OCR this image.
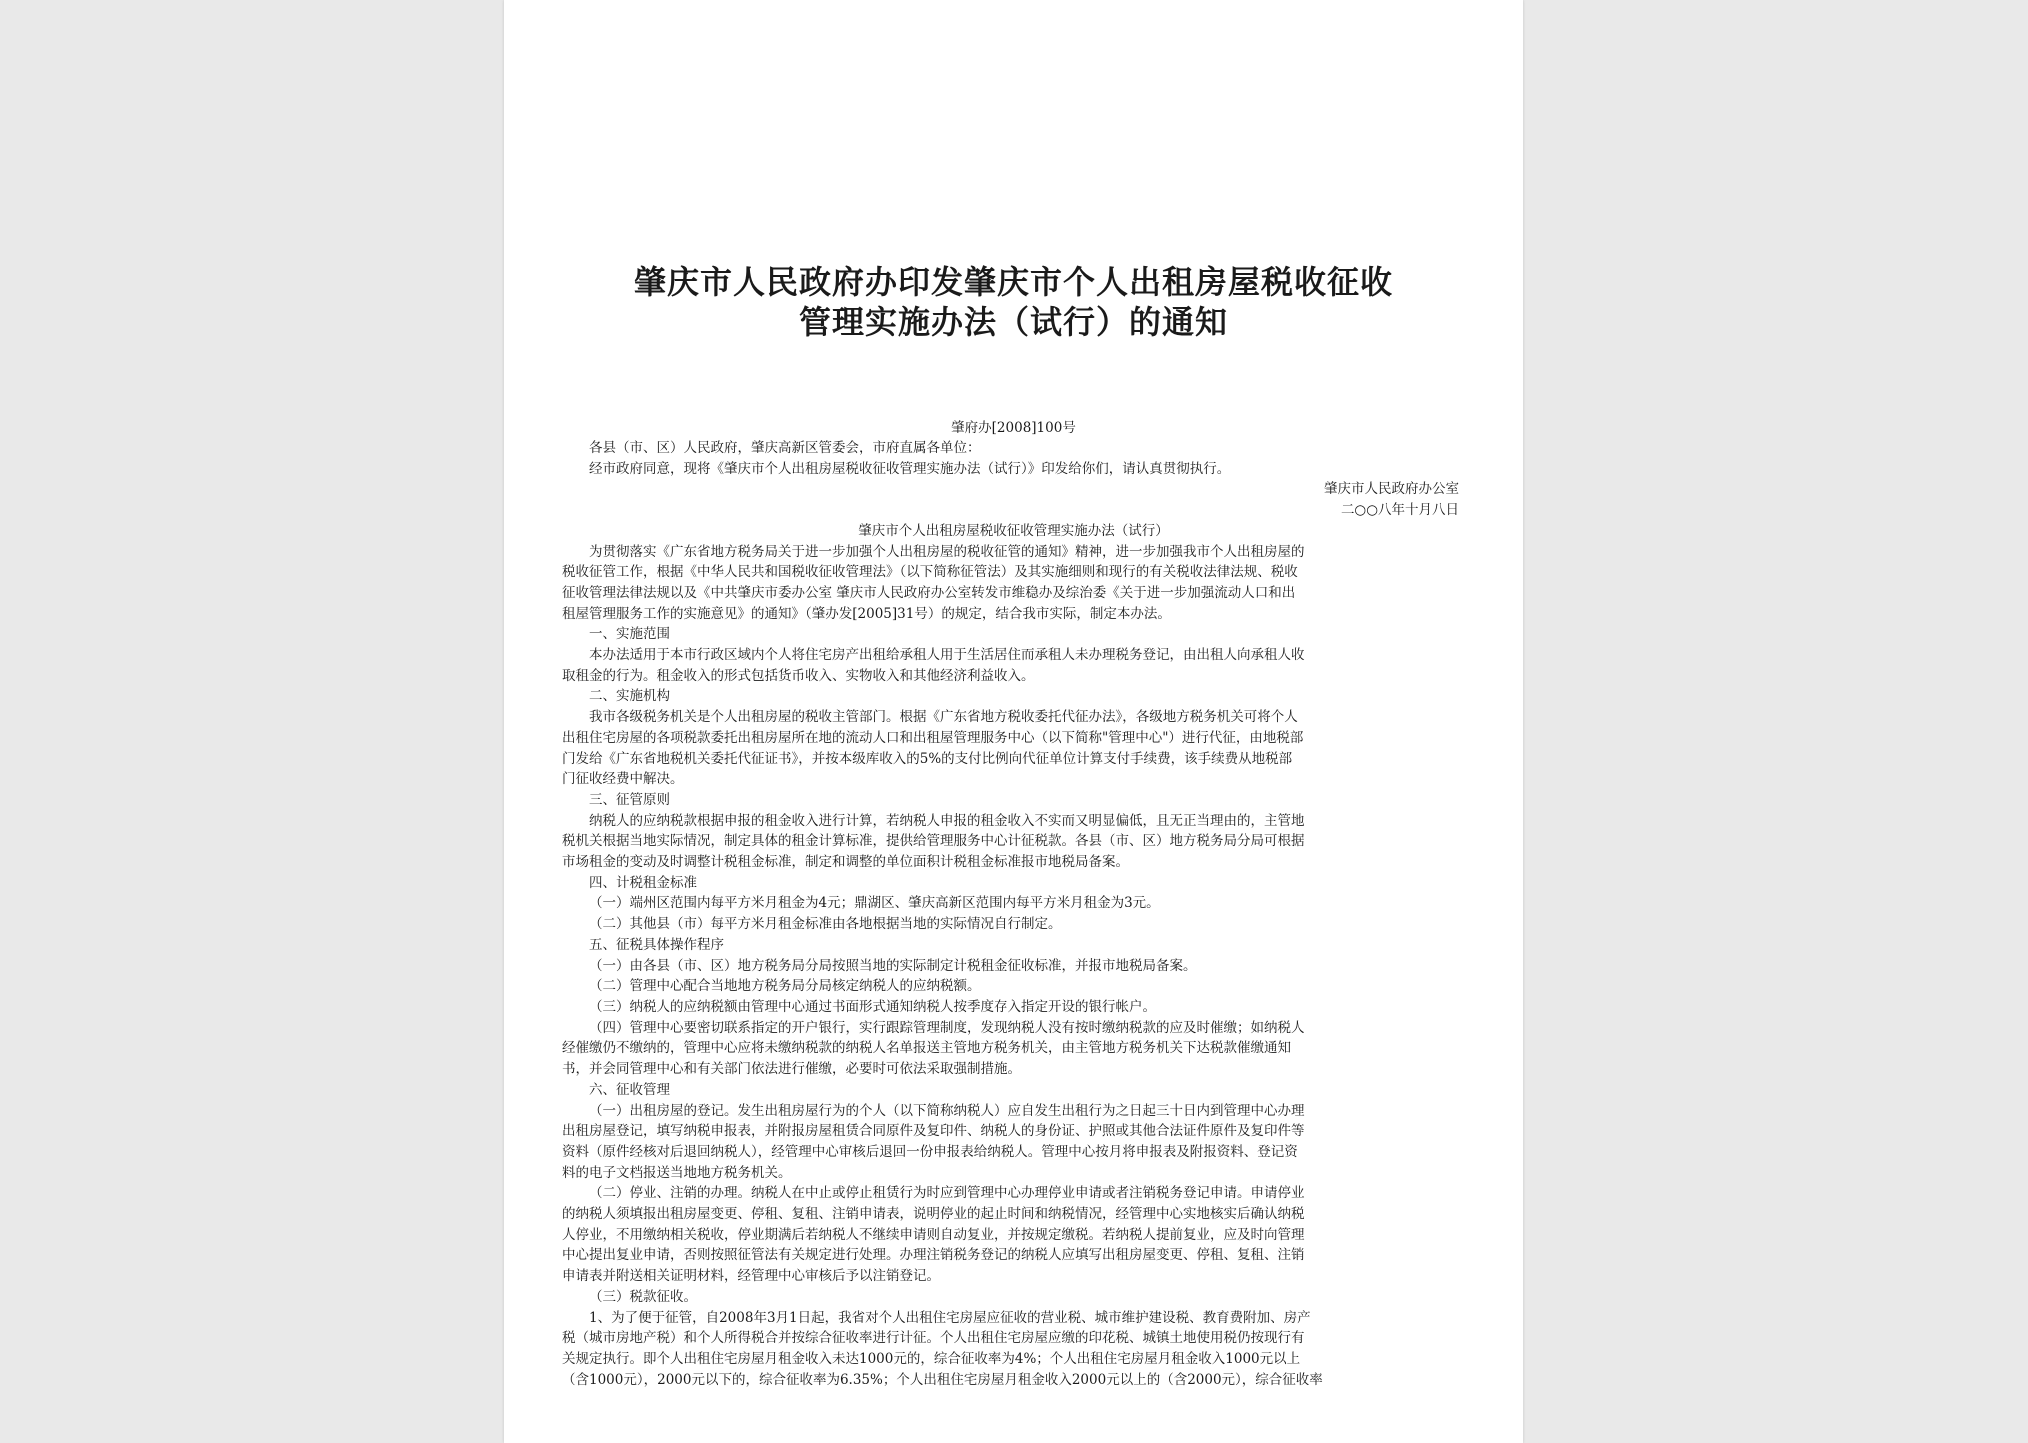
肇庆市人民政府办印发肇庆市个人出租房屋税收征收
管理实施办法（试行）的通知
肇府办[2008]100号
各县（市、区）人民政府，肇庆高新区管委会，市府直属各单位：
经市政府同意，现将《肇庆市个人出租房屋税收征收管理实施办法（试行）》印发给你们，请认真贯彻执行。
肇庆市人民政府办公室
二○○八年十月八日
肇庆市个人出租房屋税收征收管理实施办法（试行）
为贯彻落实《广东省地方税务局关于进一步加强个人出租房屋的税收征管的通知》精神，进一步加强我市个人出租房屋的
税收征管工作，根据《中华人民共和国税收征收管理法》（以下简称征管法）及其实施细则和现行的有关税收法律法规、税收
征收管理法律法规以及《中共肇庆市委办公室 肇庆市人民政府办公室转发市维稳办及综治委《关于进一步加强流动人口和出
租屋管理服务工作的实施意见》的通知》（肇办发[2005]31号）的规定，结合我市实际，制定本办法。
一、实施范围
本办法适用于本市行政区域内个人将住宅房产出租给承租人用于生活居住而承租人未办理税务登记，由出租人向承租人收
取租金的行为。租金收入的形式包括货币收入、实物收入和其他经济利益收入。
二、实施机构
我市各级税务机关是个人出租房屋的税收主管部门。根据《广东省地方税收委托代征办法》，各级地方税务机关可将个人
出租住宅房屋的各项税款委托出租房屋所在地的流动人口和出租屋管理服务中心（以下简称"管理中心"）进行代征，由地税部
门发给《广东省地税机关委托代征证书》，并按本级库收入的5%的支付比例向代征单位计算支付手续费，该手续费从地税部
门征收经费中解决。
三、征管原则
纳税人的应纳税款根据申报的租金收入进行计算，若纳税人申报的租金收入不实而又明显偏低，且无正当理由的，主管地
税机关根据当地实际情况，制定具体的租金计算标准，提供给管理服务中心计征税款。各县（市、区）地方税务局分局可根据
市场租金的变动及时调整计税租金标准，制定和调整的单位面积计税租金标准报市地税局备案。
四、计税租金标准
（一）端州区范围内每平方米月租金为4元；鼎湖区、肇庆高新区范围内每平方米月租金为3元。
（二）其他县（市）每平方米月租金标准由各地根据当地的实际情况自行制定。
五、征税具体操作程序
（一）由各县（市、区）地方税务局分局按照当地的实际制定计税租金征收标准，并报市地税局备案。
（二）管理中心配合当地地方税务局分局核定纳税人的应纳税额。
（三）纳税人的应纳税额由管理中心通过书面形式通知纳税人按季度存入指定开设的银行帐户。
（四）管理中心要密切联系指定的开户银行，实行跟踪管理制度，发现纳税人没有按时缴纳税款的应及时催缴；如纳税人
经催缴仍不缴纳的，管理中心应将未缴纳税款的纳税人名单报送主管地方税务机关，由主管地方税务机关下达税款催缴通知
书，并会同管理中心和有关部门依法进行催缴，必要时可依法采取强制措施。
六、征收管理
（一）出租房屋的登记。发生出租房屋行为的个人（以下简称纳税人）应自发生出租行为之日起三十日内到管理中心办理
出租房屋登记，填写纳税申报表，并附报房屋租赁合同原件及复印件、纳税人的身份证、护照或其他合法证件原件及复印件等
资料（原件经核对后退回纳税人），经管理中心审核后退回一份申报表给纳税人。管理中心按月将申报表及附报资料、登记资
料的电子文档报送当地地方税务机关。
（二）停业、注销的办理。纳税人在中止或停止租赁行为时应到管理中心办理停业申请或者注销税务登记申请。申请停业
的纳税人须填报出租房屋变更、停租、复租、注销申请表，说明停业的起止时间和纳税情况，经管理中心实地核实后确认纳税
人停业，不用缴纳相关税收，停业期满后若纳税人不继续申请则自动复业，并按规定缴税。若纳税人提前复业，应及时向管理
中心提出复业申请，否则按照征管法有关规定进行处理。办理注销税务登记的纳税人应填写出租房屋变更、停租、复租、注销
申请表并附送相关证明材料，经管理中心审核后予以注销登记。
（三）税款征收。
1、为了便于征管，自2008年3月1日起，我省对个人出租住宅房屋应征收的营业税、城市维护建设税、教育费附加、房产
税（城市房地产税）和个人所得税合并按综合征收率进行计征。个人出租住宅房屋应缴的印花税、城镇土地使用税仍按现行有
关规定执行。即个人出租住宅房屋月租金收入未达1000元的，综合征收率为4%；个人出租住宅房屋月租金收入1000元以上
（含1000元），2000元以下的，综合征收率为6.35%；个人出租住宅房屋月租金收入2000元以上的（含2000元），综合征收率
